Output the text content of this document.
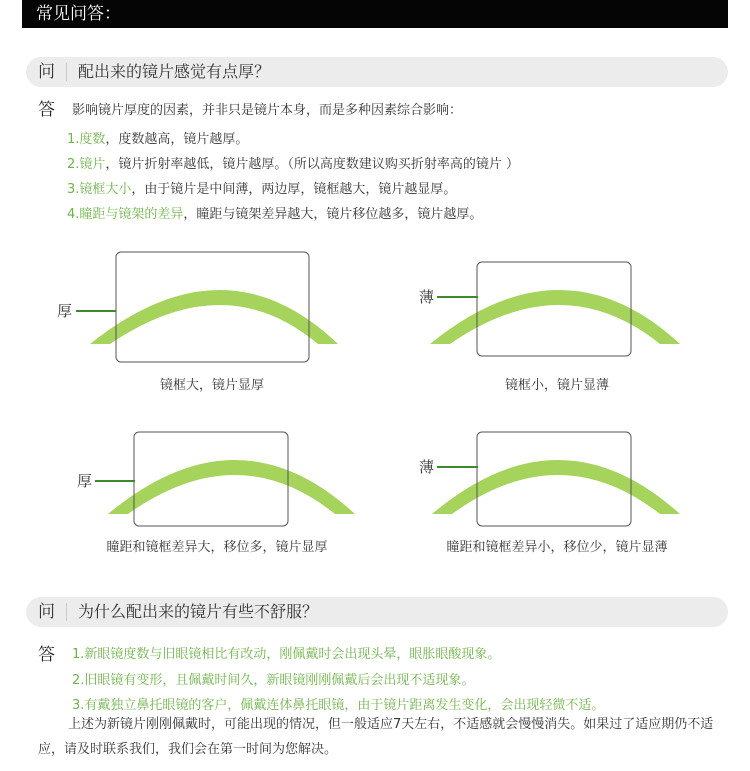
常见问答：
问 配出来的镜片感觉有点厚？
答 影响镜片厚度的因素，并非只是镜片本身，而是多种因素综合影响：
1.度数，度数越高，镜片越厚。
2.镜片，镜片折射率越低，镜片越厚。（所以高度数建议购买折射率高的镜片 ）
3.镜框大小，由于镜片是中间薄，两边厚，镜框越大，镜片越显厚。
4.瞳距与镜架的差异，瞳距与镜架差异越大，镜片移位越多，镜片越厚。
厚
镜框大，镜片显厚
薄
镜框小，镜片显薄
厚
瞳距和镜框差异大，移位多，镜片显厚
薄
瞳距和镜框差异小，移位少，镜片显薄
问 为什么配出来的镜片有些不舒服？
答 1.新眼镜度数与旧眼镜相比有改动，刚佩戴时会出现头晕，眼胀眼酸现象。
2.旧眼镜有变形，且佩戴时间久，新眼镜刚刚佩戴后会出现不适现象。
3.有戴独立鼻托眼镜的客户，佩戴连体鼻托眼镜，由于镜片距离发生变化，会出现轻微不适。
上述为新镜片刚刚佩戴时，可能出现的情况，但一般适应7天左右，不适感就会慢慢消失。如果过了适应期仍不适应，请及时联系我们，我们会在第一时间为您解决。
